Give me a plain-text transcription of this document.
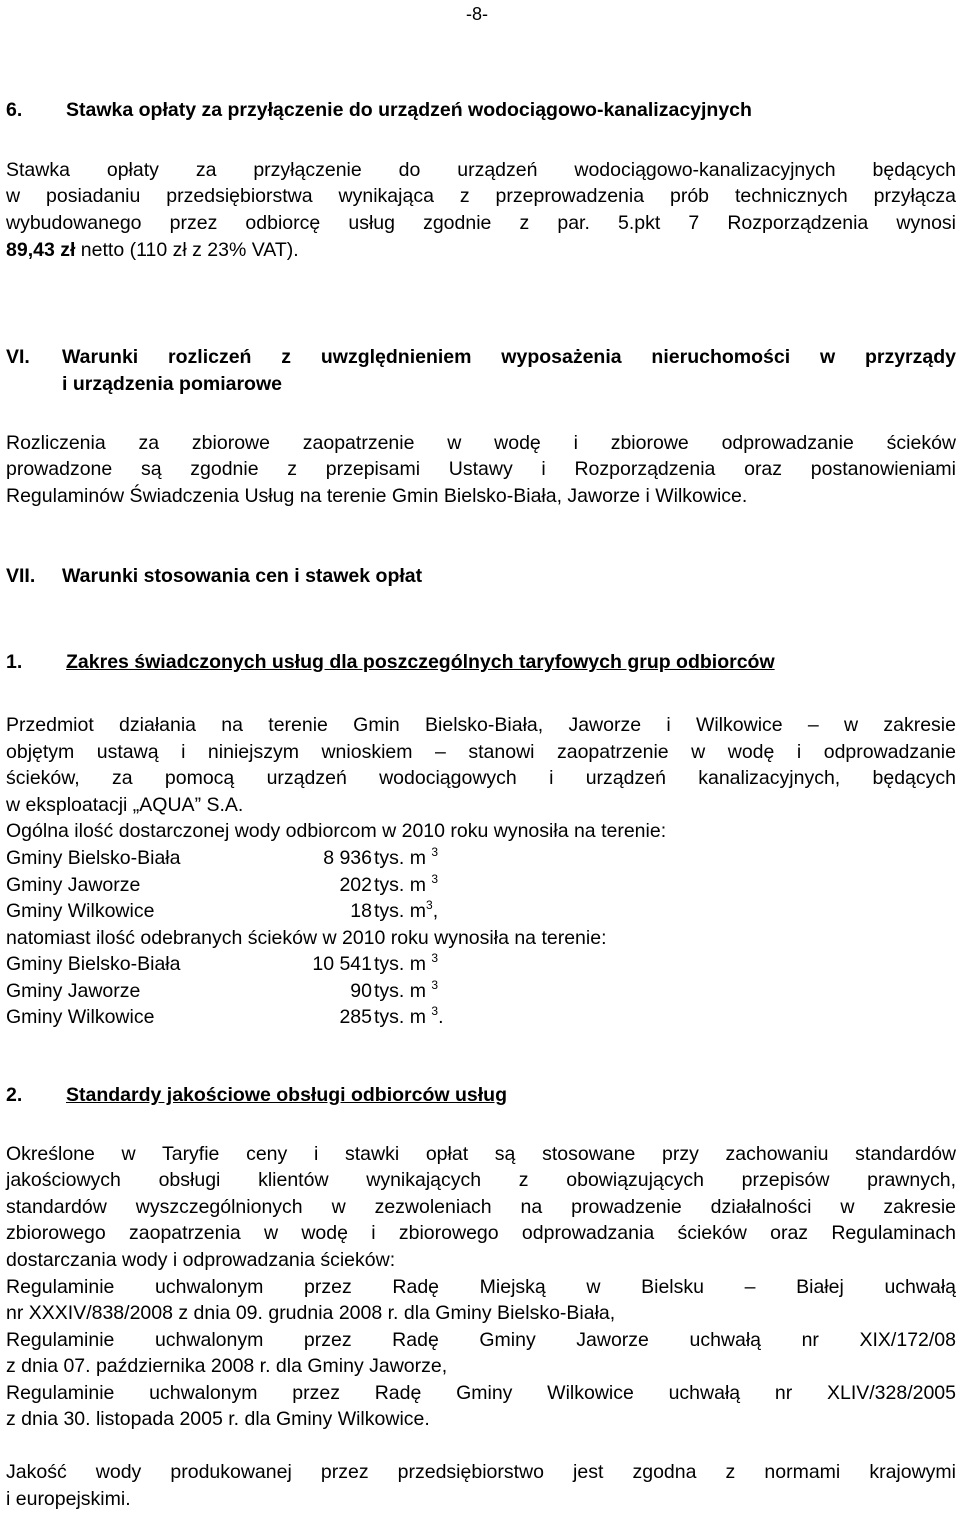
-8-
6. Stawka opłaty za przyłączenie do urządzeń wodociągowo-kanalizacyjnych
Stawka opłaty za przyłączenie do urządzeń wodociągowo-kanalizacyjnych będących
w posiadaniu przedsiębiorstwa wynikająca z przeprowadzenia prób technicznych przyłącza
wybudowanego przez odbiorcę usług zgodnie z par. 5.pkt 7 Rozporządzenia wynosi
89,43 zł netto (110 zł z 23% VAT).
VI. Warunki rozliczeń z uwzględnieniem wyposażenia nieruchomości w przyrządy
i urządzenia pomiarowe
Rozliczenia za zbiorowe zaopatrzenie w wodę i zbiorowe odprowadzanie ścieków
prowadzone są zgodnie z przepisami Ustawy i Rozporządzenia oraz postanowieniami
Regulaminów Świadczenia Usług na terenie Gmin Bielsko-Biała, Jaworze i Wilkowice.
VII. Warunki stosowania cen i stawek opłat
1. Zakres świadczonych usług dla poszczególnych taryfowych grup odbiorców
Przedmiot działania na terenie Gmin Bielsko-Biała, Jaworze i Wilkowice – w zakresie
objętym ustawą i niniejszym wnioskiem – stanowi zaopatrzenie w wodę i odprowadzanie
ścieków, za pomocą urządzeń wodociągowych i urządzeń kanalizacyjnych, będących
w eksploatacji „AQUA” S.A.
Ogólna ilość dostarczonej wody odbiorcom w 2010 roku wynosiła na terenie:
Gminy Bielsko-Biała	8 936 tys. m $^3$
Gminy Jaworze	202 tys. m $^3$
Gminy Wilkowice	18 tys. $m^3$,
natomiast ilość odebranych ścieków w 2010 roku wynosiła na terenie:
Gminy Bielsko-Biała	10 541 tys. m $^3$
Gminy Jaworze	90 tys. m $^3$
Gminy Wilkowice	285 tys. m $^3$.
2. Standardy jakościowe obsługi odbiorców usług
Określone w Taryfie ceny i stawki opłat są stosowane przy zachowaniu standardów
jakościowych obsługi klientów wynikających z obowiązujących przepisów prawnych,
standardów wyszczególnionych w zezwoleniach na prowadzenie działalności w zakresie
zbiorowego zaopatrzenia w wodę i zbiorowego odprowadzania ścieków oraz Regulaminach
dostarczania wody i odprowadzania ścieków:
Regulaminie uchwalonym przez Radę Miejską w Bielsku – Białej uchwałą
nr XXXIV/838/2008 z dnia 09. grudnia 2008 r. dla Gminy Bielsko-Biała,
Regulaminie uchwalonym przez Radę Gminy Jaworze uchwałą nr XIX/172/08
z dnia 07. października 2008 r. dla Gminy Jaworze,
Regulaminie uchwalonym przez Radę Gminy Wilkowice uchwałą nr XLIV/328/2005
z dnia 30. listopada 2005 r. dla Gminy Wilkowice.
Jakość wody produkowanej przez przedsiębiorstwo jest zgodna z normami krajowymi
i europejskimi.
